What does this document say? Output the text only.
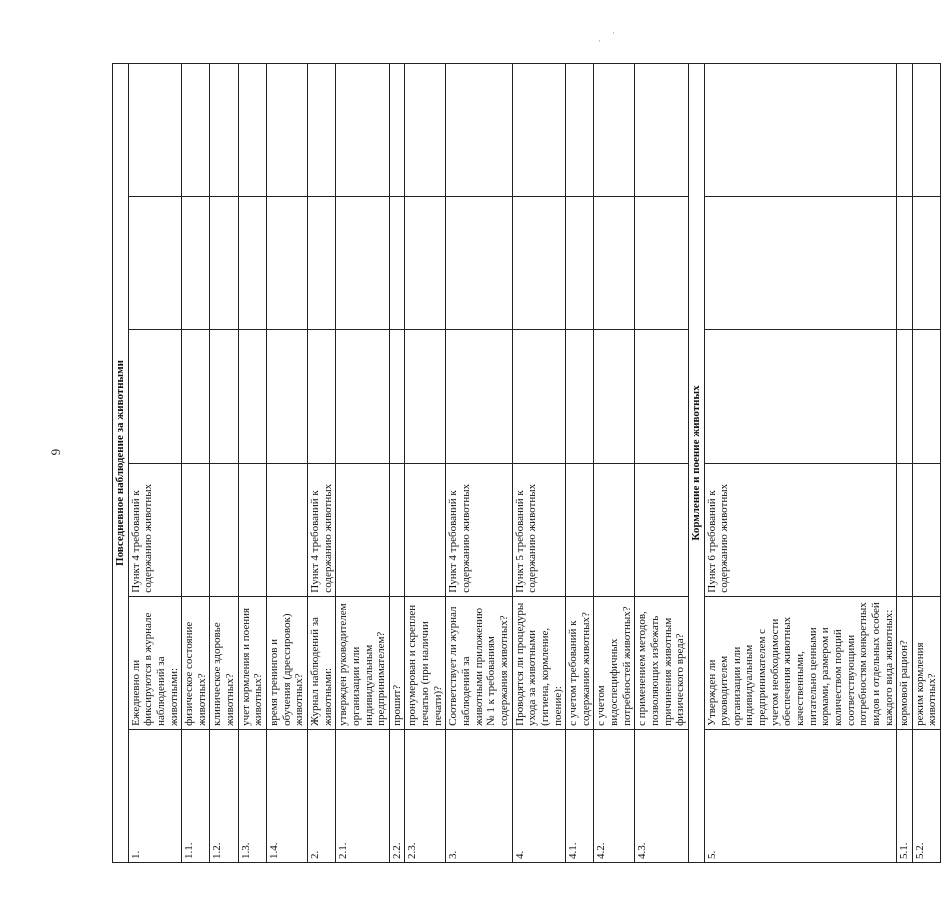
6
·
·
Повседневное наблюдение за животными					
1.	Ежедневно ли фиксируются в журнале наблюдений за животными:	Пункт 4 требований к содержанию животных			
1.1.	физическое состояние животных?				
1.2.	клиническое здоровье животных?				
1.3.	учет кормления и поения животных?				
1.4.	время тренингов и обучения (дрессировок) животных?				
2.	Журнал наблюдений за животными:	Пункт 4 требований к содержанию животных			
2.1.	утвержден руководителем организации или индивидуальным предпринимателем?				
2.2.	прошит?				
2.3.	пронумерован и скреплен печатью (при наличии печати)?				
3.	Соответствует ли журнал наблюдений за животными приложению № 1 к требованиям содержания животных?	Пункт 4 требований к содержанию животных			
4.	Проводятся ли процедуры ухода за животными (гигиена, кормление, поение):	Пункт 5 требований к содержанию животных			
4.1.	с учетом требований к содержанию животных?				
4.2.	с учетом видоспецифичных потребностей животных?				
4.3.	с применением методов, позволяющих избежать причинения животным физического вреда?				
Кормление и поение животных					
5.	Утвержден ли руководителем организации или индивидуальным предпринимателем с учетом необходимости обеспечения животных качественными, питательно ценными кормами, размером и количеством порций соответствующими потребностям конкретных видов и отдельных особей каждого вида животных:	Пункт 6 требований к содержанию животных			
5.1.	кормовой рацион?				
5.2.	режим кормления животных?				
